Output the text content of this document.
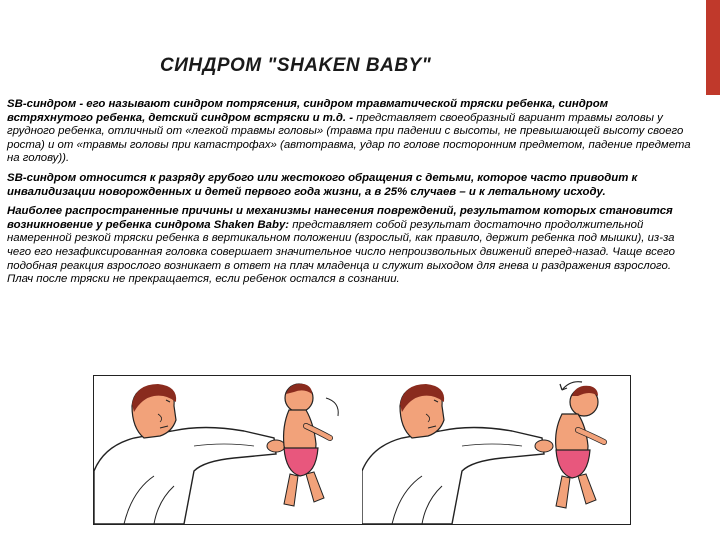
СИНДРОМ "SHAKEN BABY"

SB-синдром - его называют синдром потрясения, синдром травматической тряски ребенка, синдром встряхнутого ребенка, детский синдром встряски и т.д. - представляет своеобразный вариант травмы головы у грудного ребенка, отличный от «легкой травмы головы» (травма при падении с высоты, не превышающей высоту своего роста) и от «травмы головы при катастрофах» (автотравма, удар по голове посторонним предметом, падение предмета на голову)).

SB-синдром относится к разряду грубого или жестокого обращения с детьми, которое часто приводит к инвалидизации новорожденных и детей первого года жизни, а в 25% случаев – и к летальному исходу.

Наиболее распространенные причины и механизмы нанесения повреждений, результатом которых становится возникновение у ребенка синдрома Shaken Baby: представляет собой результат достаточно продолжительной намеренной резкой тряски ребенка в вертикальном положении (взрослый, как правило, держит ребенка под мышки), из-за чего его незафиксированная головка совершает значительное число непроизвольных движений вперед-назад. Чаще всего подобная реакция взрослого возникает в ответ на плач младенца и служит выходом для гнева и раздражения взрослого. Плач после тряски не прекращается, если ребенок остался в сознании.
